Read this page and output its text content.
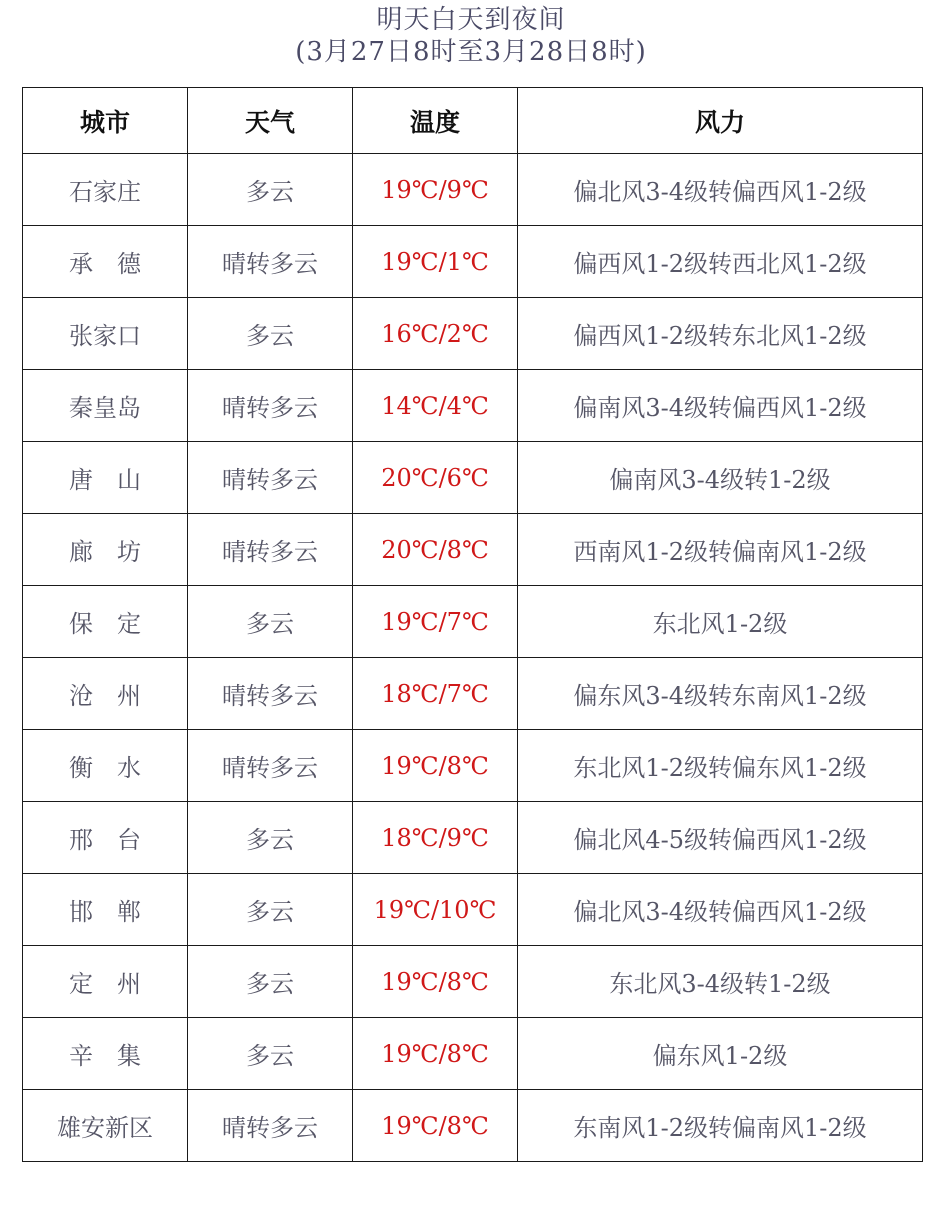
明天白天到夜间
(3月27日8时至3月28日8时)
城市	天气	温度	风力
石家庄	多云	19℃/9℃	偏北风3-4级转偏西风1-2级
承　德	晴转多云	19℃/1℃	偏西风1-2级转西北风1-2级
张家口	多云	16℃/2℃	偏西风1-2级转东北风1-2级
秦皇岛	晴转多云	14℃/4℃	偏南风3-4级转偏西风1-2级
唐　山	晴转多云	20℃/6℃	偏南风3-4级转1-2级
廊　坊	晴转多云	20℃/8℃	西南风1-2级转偏南风1-2级
保　定	多云	19℃/7℃	东北风1-2级
沧　州	晴转多云	18℃/7℃	偏东风3-4级转东南风1-2级
衡　水	晴转多云	19℃/8℃	东北风1-2级转偏东风1-2级
邢　台	多云	18℃/9℃	偏北风4-5级转偏西风1-2级
邯　郸	多云	19℃/10℃	偏北风3-4级转偏西风1-2级
定　州	多云	19℃/8℃	东北风3-4级转1-2级
辛　集	多云	19℃/8℃	偏东风1-2级
雄安新区	晴转多云	19℃/8℃	东南风1-2级转偏南风1-2级
